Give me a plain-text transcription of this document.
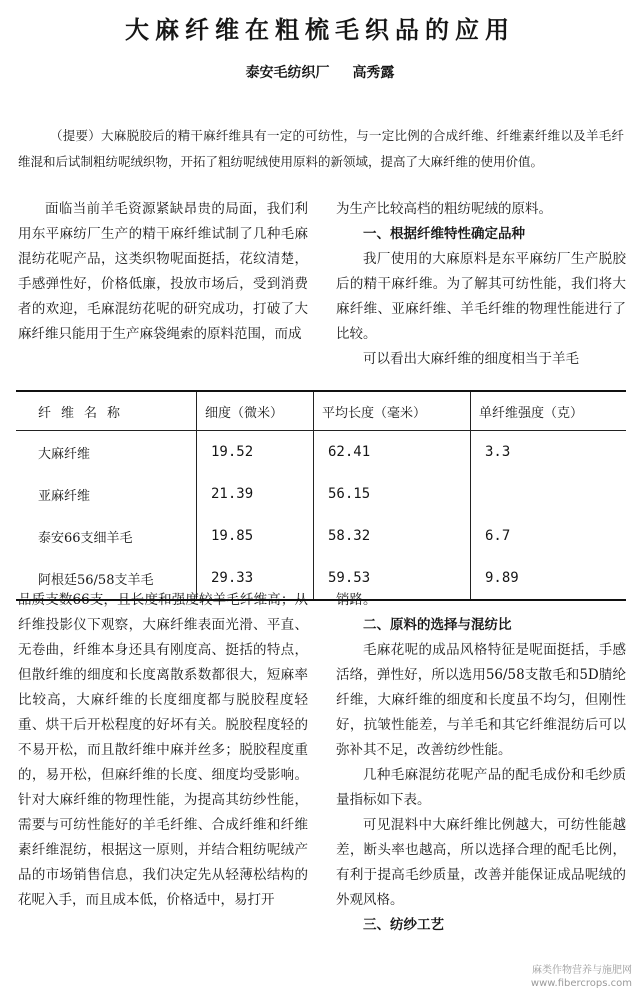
大麻纤维在粗梳毛织品的应用
泰安毛纺织厂 高秀露

（提要）大麻脱胶后的精干麻纤维具有一定的可纺性，与一定比例的合成纤维、纤维素纤维以及羊毛纤维混和后试制粗纺呢绒织物，开拓了粗纺呢绒使用原料的新领域，提高了大麻纤维的使用价值。

面临当前羊毛资源紧缺昂贵的局面，我们利用东平麻纺厂生产的精干麻纤维试制了几种毛麻混纺花呢产品，这类织物呢面挺括，花纹清楚，手感弹性好，价格低廉，投放市场后，受到消费者的欢迎，毛麻混纺花呢的研究成功，打破了大麻纤维只能用于生产麻袋绳索的原料范围，而成

为生产比较高档的粗纺呢绒的原料。

一、根据纤维特性确定品种

我厂使用的大麻原料是东平麻纺厂生产脱胶后的精干麻纤维。为了解其可纺性能，我们将大麻纤维、亚麻纤维、羊毛纤维的物理性能进行了比较。

可以看出大麻纤维的细度相当于羊毛

纤维名称	细度（微米）	平均长度（毫米）	单纤维强度（克）
大麻纤维	19.52	62.41	3.3
亚麻纤维	21.39	56.15	
泰安66支细羊毛	19.85	58.32	6.7
阿根廷56/58支羊毛	29.33	59.53	9.89

品质支数66支，且长度和强度较羊毛纤维高；从纤维投影仪下观察，大麻纤维表面光滑、平直、无卷曲，纤维本身还具有刚度高、挺括的特点，但散纤维的细度和长度离散系数都很大，短麻率比较高，大麻纤维的长度细度都与脱胶程度轻重、烘干后开松程度的好坏有关。脱胶程度轻的不易开松，而且散纤维中麻并丝多；脱胶程度重的，易开松，但麻纤维的长度、细度均受影响。针对大麻纤维的物理性能，为提高其纺纱性能，需要与可纺性能好的羊毛纤维、合成纤维和纤维素纤维混纺，根据这一原则，并结合粗纺呢绒产品的市场销售信息，我们决定先从轻薄松结构的花呢入手，而且成本低，价格适中，易打开

销路。

二、原料的选择与混纺比

毛麻花呢的成品风格特征是呢面挺括，手感活络，弹性好，所以选用56/58支散毛和5D腈纶纤维，大麻纤维的细度和长度虽不均匀，但刚性好，抗皱性能差，与羊毛和其它纤维混纺后可以弥补其不足，改善纺纱性能。

几种毛麻混纺花呢产品的配毛成份和毛纱质量指标如下表。

可见混料中大麻纤维比例越大，可纺性能越差，断头率也越高，所以选择合理的配毛比例，有利于提高毛纱质量，改善并能保证成品呢绒的外观风格。

三、纺纱工艺

麻类作物营养与施肥网
www.fibercrops.com
